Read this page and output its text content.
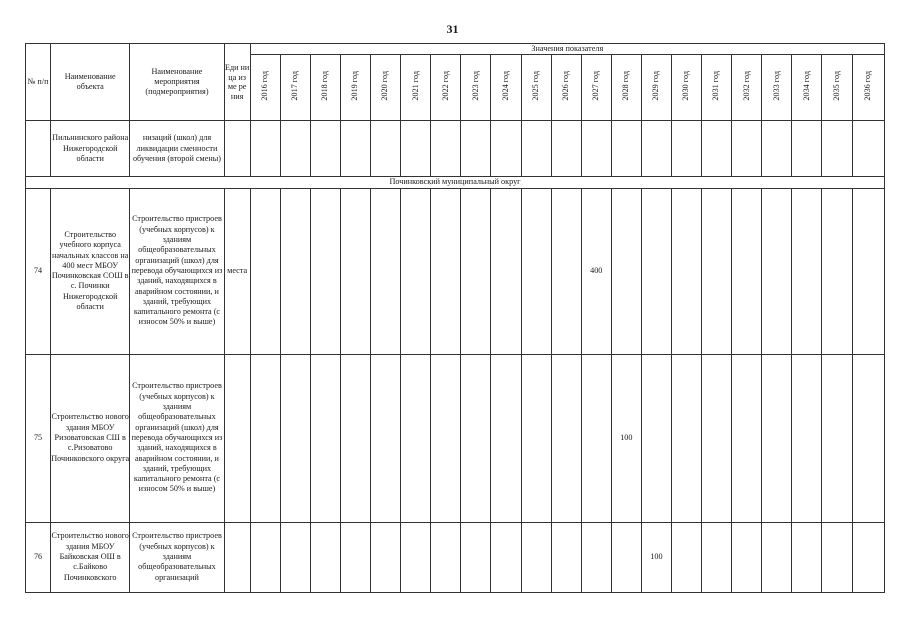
31
№ п/п	Наименование объекта	Наименование мероприятия (подмероприятия)	Еди ни ца из ме ре ния	Значения показателя																				
				2016 год	2017 год	2018 год	2019 год	2020 год	2021 год	2022 год	2023 год	2024 год	2025 год	2026 год	2027 год	2028 год	2029 год	2030 год	2031 год	2032 год	2033 год	2034 год	2035 год	2036 год
	Пильнинского района Нижегородской области	низаций (школ) для ликвидации сменности обучения (второй смены)																						
Починковский муниципальный округ																								
74	Строительство учебного корпуса начальных классов на 400 мест МБОУ Починковская СОШ в с. Починки Нижегородской области	Строительство пристроев (учебных корпусов) к зданиям общеобразовательных организаций (школ) для перевода обучающихся из зданий, находящихся в аварийном состоянии, и зданий, требующих капитального ремонта (с износом 50% и выше)	места												400									
75	Строительство нового здания МБОУ Ризоватовская СШ в с.Ризоватово Починковского округа	Строительство пристроев (учебных корпусов) к зданиям общеобразовательных организаций (школ) для перевода обучающихся из зданий, находящихся в аварийном состоянии, и зданий, требующих капитального ремонта (с износом 50% и выше)														100								
76	Строительство нового здания МБОУ Байковская ОШ в с.Байково Починковского	Строительство пристроев (учебных корпусов) к зданиям общеобразовательных организаций															100							
